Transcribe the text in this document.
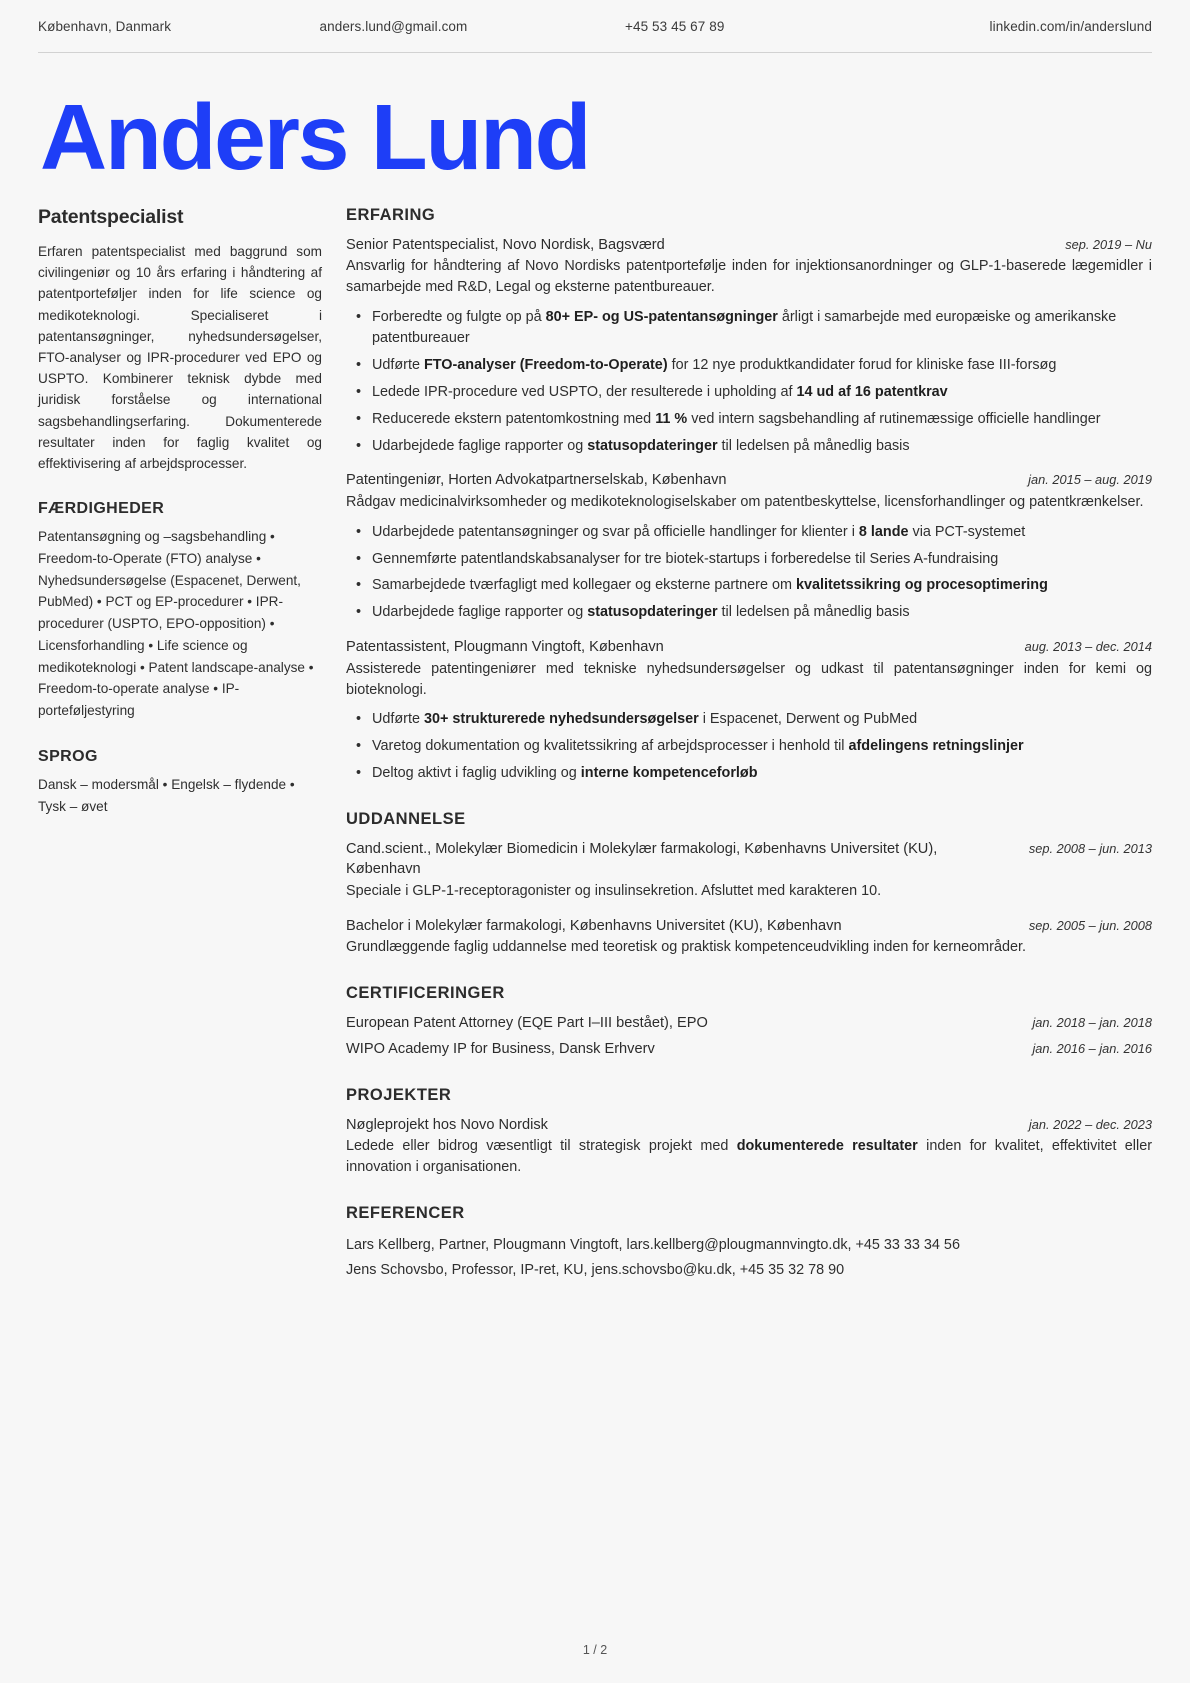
København, Danmark	anders.lund@gmail.com	+45 53 45 67 89	linkedin.com/in/anderslund
Anders Lund
Patentspecialist

Erfaren patentspecialist med baggrund som civilingeniør og 10 års erfaring i håndtering af patentporteføljer inden for life science og medikoteknologi. Specialiseret i patentansøgninger, nyhedsundersøgelser, FTO-analyser og IPR-procedurer ved EPO og USPTO. Kombinerer teknisk dybde med juridisk forståelse og international sagsbehandlingserfaring. Dokumenterede resultater inden for faglig kvalitet og effektivisering af arbejdsprocesser.

FÆRDIGHEDER

Patentansøgning og –sagsbehandling • Freedom-to-Operate (FTO) analyse • Nyhedsundersøgelse (Espacenet, Derwent, PubMed) • PCT og EP-procedurer • IPR-procedurer (USPTO, EPO-opposition) • Licensforhandling • Life science og medikoteknologi • Patent landscape-analyse • Freedom-to-operate analyse • IP-porteføljestyring

SPROG

Dansk – modersmål • Engelsk – flydende • Tysk – øvet

ERFARING
Senior Patentspecialist, Novo Nordisk, Bagsværd	sep. 2019 – Nu

Ansvarlig for håndtering af Novo Nordisks patentportefølje inden for injektionsanordninger og GLP-1-baserede lægemidler i samarbejde med R&D, Legal og eksterne patentbureauer.

• Forberedte og fulgte op på 80+ EP- og US-patentansøgninger årligt i samarbejde med europæiske og amerikanske patentbureauer
• Udførte FTO-analyser (Freedom-to-Operate) for 12 nye produktkandidater forud for kliniske fase III-forsøg
• Ledede IPR-procedure ved USPTO, der resulterede i upholding af 14 ud af 16 patentkrav
• Reducerede ekstern patentomkostning med 11 % ved intern sagsbehandling af rutinemæssige officielle handlinger
• Udarbejdede faglige rapporter og statusopdateringer til ledelsen på månedlig basis
Patentingeniør, Horten Advokatpartnerselskab, København	jan. 2015 – aug. 2019

Rådgav medicinalvirksomheder og medikoteknologiselskaber om patentbeskyttelse, licensforhandlinger og patentkrænkelser.

• Udarbejdede patentansøgninger og svar på officielle handlinger for klienter i 8 lande via PCT-systemet
• Gennemførte patentlandskabsanalyser for tre biotek-startups i forberedelse til Series A-fundraising
• Samarbejdede tværfagligt med kollegaer og eksterne partnere om kvalitetssikring og procesoptimering
• Udarbejdede faglige rapporter og statusopdateringer til ledelsen på månedlig basis
Patentassistent, Plougmann Vingtoft, København	aug. 2013 – dec. 2014

Assisterede patentingeniører med tekniske nyhedsundersøgelser og udkast til patentansøgninger inden for kemi og bioteknologi.

• Udførte 30+ strukturerede nyhedsundersøgelser i Espacenet, Derwent og PubMed
• Varetog dokumentation og kvalitetssikring af arbejdsprocesser i henhold til afdelingens retningslinjer
• Deltog aktivt i faglig udvikling og interne kompetenceforløb
UDDANNELSE
Cand.scient., Molekylær Biomedicin i Molekylær farmakologi, Københavns Universitet (KU), København
sep. 2008 – jun. 2013

Speciale i GLP-1-receptoragonister og insulinsekretion. Afsluttet med karakteren 10.

Bachelor i Molekylær farmakologi, Københavns Universitet (KU), København	sep. 2005 – jun. 2008

Grundlæggende faglig uddannelse med teoretisk og praktisk kompetenceudvikling inden for kerneområder.

CERTIFICERINGER
European Patent Attorney (EQE Part I–III bestået), EPO	jan. 2018 – jan. 2018
WIPO Academy IP for Business, Dansk Erhverv	jan. 2016 – jan. 2016
PROJEKTER
Nøgleprojekt hos Novo Nordisk	jan. 2022 – dec. 2023

Ledede eller bidrog væsentligt til strategisk projekt med dokumenterede resultater inden for kvalitet, effektivitet eller innovation i organisationen.

REFERENCER
Lars Kellberg, Partner, Plougmann Vingtoft, lars.kellberg@plougmannvingto.dk, +45 33 33 34 56
Jens Schovsbo, Professor, IP-ret, KU, jens.schovsbo@ku.dk, +45 35 32 78 90
1 / 2
